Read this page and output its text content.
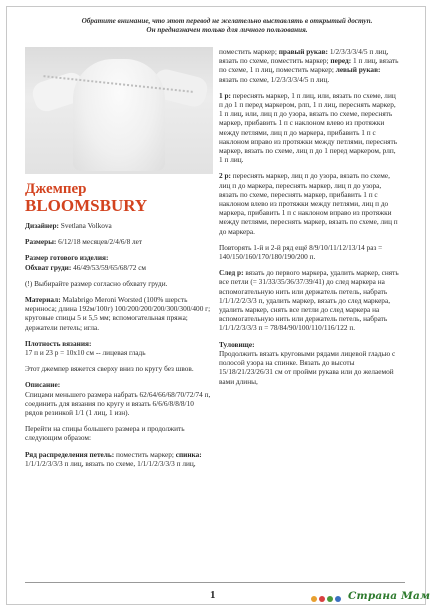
Обратите внимание, что этот перевод не желательно выставлять в открытый доступ. Он предназначен только для личного пользования.
Джемпер
BLOOMSBURY

Дизайнер: Svetlana Volkova

Размеры: 6/12/18 месяцев/2/4/6/8 лет

Размер готового изделия:
Обхват груди: 46/49/53/59/65/68/72 см

(!) Выбирайте размер согласно обхвату груди.

Материал: Malabrigo Meroni Worsted (100% шерсть мериноса; длина 192м/100г) 100/200/200/200/300/300/400 г; круговые спицы 5 и 5,5 мм; вспомогательная пряжа; держатели петель; игла.

Плотность вязания:
17 п и 23 р = 10х10 см -- лицевая гладь

Этот джемпер вяжется сверху вниз по кругу без швов.

Описание:
Спицами меньшего размера набрать 62/64/66/68/70/72/74 п, соединить для вязания по кругу и вязать 6/6/6/8/8/8/10 рядов резинкой 1/1 (1 лиц, 1 изн).

Перейти на спицы большего размера и продолжить следующим образом:

Ряд распределения петель: поместить маркер; спинка: 1/1/1/2/3/3/3 п лиц, вязать по схеме, 1/1/1/2/3/3/3 п лиц,

поместить маркер; правый рукав: 1/2/3/3/3/4/5 п лиц, вязать по схеме, поместить маркер; перед: 1 п лиц, вязать по схеме, 1 п лиц, поместить маркер; левый рукав: вязать по схеме, 1/2/3/3/3/4/5 п лиц.

1 р: переснять маркер, 1 п лиц, или, вязать по схеме, лиц п до 1 п перед маркером, рлп, 1 п лиц, переснять маркер, 1 п лиц, или, лиц п до узора, вязать по схеме, переснять маркер, прибавить 1 п с наклоном влево из протяжки между петлями, лиц п до маркера, прибавить 1 п с наклоном вправо из протяжки между петлями, переснять маркер, вязать по схеме, лиц п до 1 перед маркером, рлп, 1 п лиц.

2 р: переснять маркер, лиц п до узора, вязать по схеме, лиц п до маркера, переснять маркер, лиц п до узора, вязать по схеме, переснять маркер, прибавить 1 п с наклоном влево из протяжки между петлями, лиц п до маркера, прибавить 1 п с наклоном вправо из протяжки между петлями, переснять маркер, вязать по схеме, лиц п до маркера.

Повторять 1-й и 2-й ряд ещё 8/9/10/11/12/13/14 раз = 140/150/160/170/180/190/200 п.

След р: вязать до первого маркера, удалить маркер, снять все петли (= 31/33/35/36/37/39/41) до след маркера на вспомогательную нить или держатель петель, набрать 1/1/1/2/2/3/3 п, удалить маркер, вязать до след маркера, удалить маркер, снять все петли до след маркера на вспомогательную нить или держатель петель, набрать 1/1/1/2/3/3/3 п = 78/84/90/100/110/116/122 п.

Туловище:
Продолжить вязать круговыми рядами лицевой гладью с полосой узора на спинке. Вязать до высоты 15/18/21/23/26/31 см от пройми рукава или до желаемой вами длины,

1	Страна Мам
